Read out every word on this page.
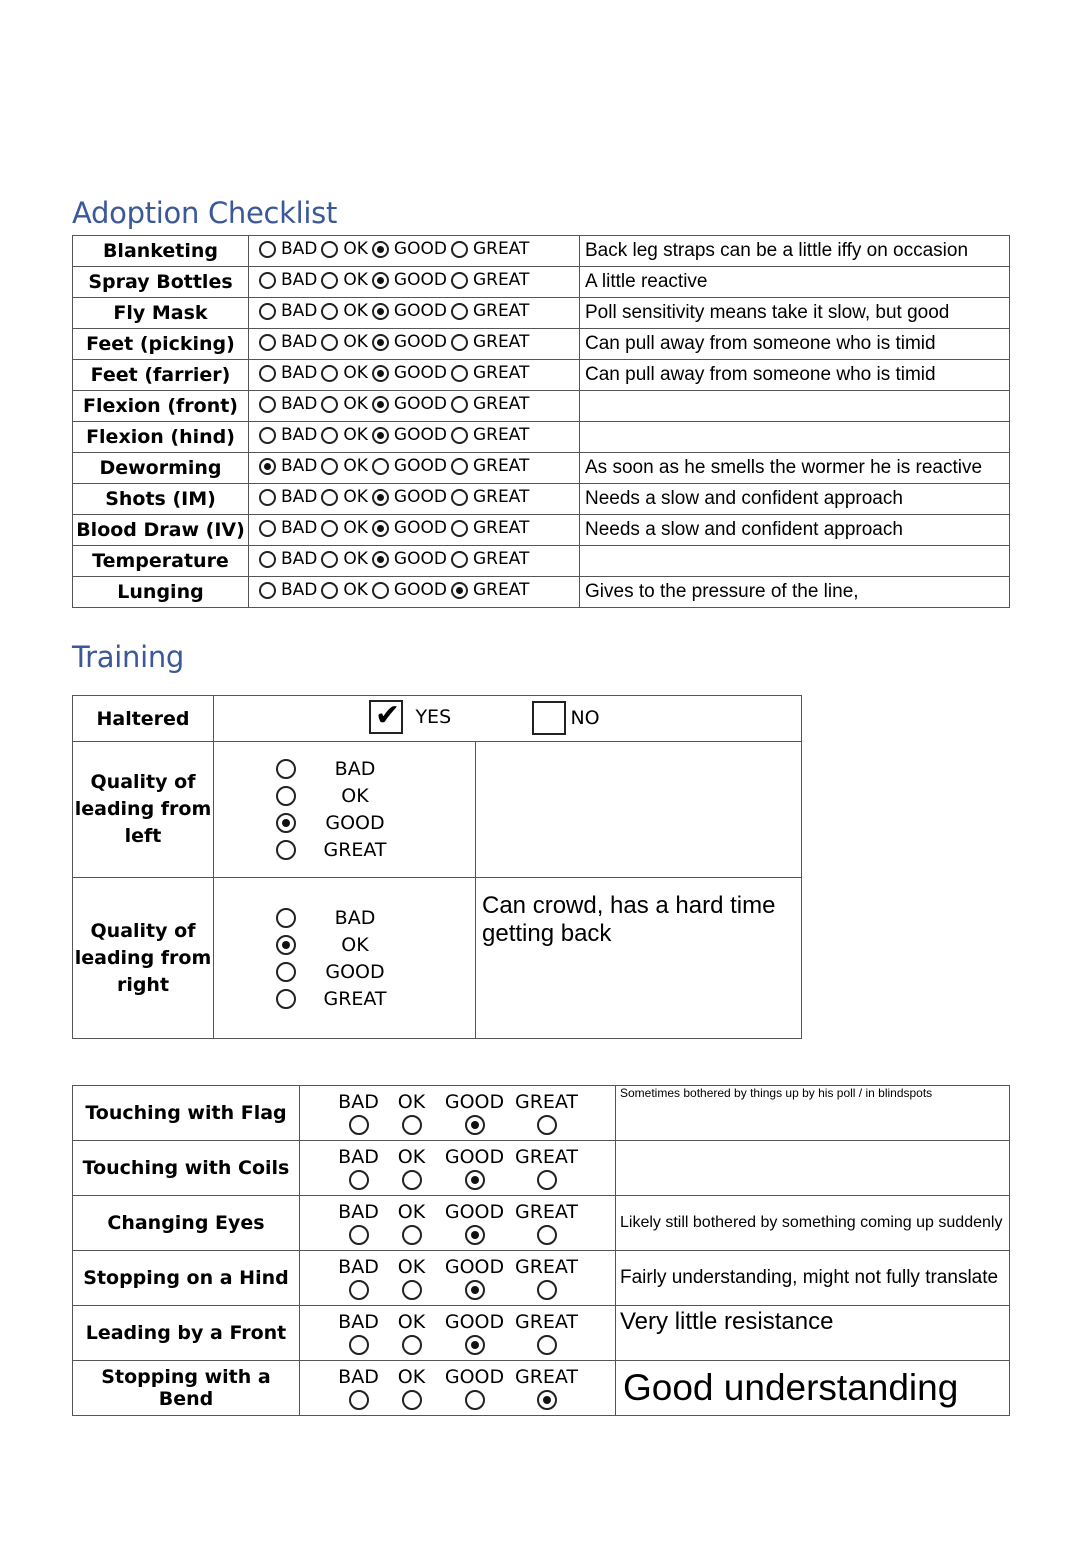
Adoption Checklist
Blanketing	BAD OK GOOD GREAT	Back leg straps can be a little iffy on occasion
Spray Bottles	BAD OK GOOD GREAT	A little reactive
Fly Mask	BAD OK GOOD GREAT	Poll sensitivity means take it slow, but good
Feet (picking)	BAD OK GOOD GREAT	Can pull away from someone who is timid
Feet (farrier)	BAD OK GOOD GREAT	Can pull away from someone who is timid
Flexion (front)	BAD OK GOOD GREAT	

Flexion (hind)	BAD OK GOOD GREAT	

Deworming	BAD OK GOOD GREAT	As soon as he smells the wormer he is reactive
Shots (IM)	BAD OK GOOD GREAT	Needs a slow and confident approach
Blood Draw (IV)	BAD OK GOOD GREAT	Needs a slow and confident approach
Temperature	BAD OK GOOD GREAT	

Lunging	BAD OK GOOD GREAT	Gives to the pressure of the line,
Training
Haltered	✔ YES NO	

Quality of leading from left	BAD
OK
GOOD
GREAT	

Quality of leading from right	BAD
OK
GOOD
GREAT	Can crowd, has a hard time getting back
Touching with Flag	BAD OK GOOD GREAT	Sometimes bothered by things up by his poll / in blindspots
Touching with Coils	BAD OK GOOD GREAT	

Changing Eyes	BAD OK GOOD GREAT	Likely still bothered by something coming up suddenly
Stopping on a Hind	BAD OK GOOD GREAT	Fairly understanding, might not fully translate
Leading by a Front	BAD OK GOOD GREAT	Very little resistance
Stopping with a Bend	BAD OK GOOD GREAT	Good understanding
